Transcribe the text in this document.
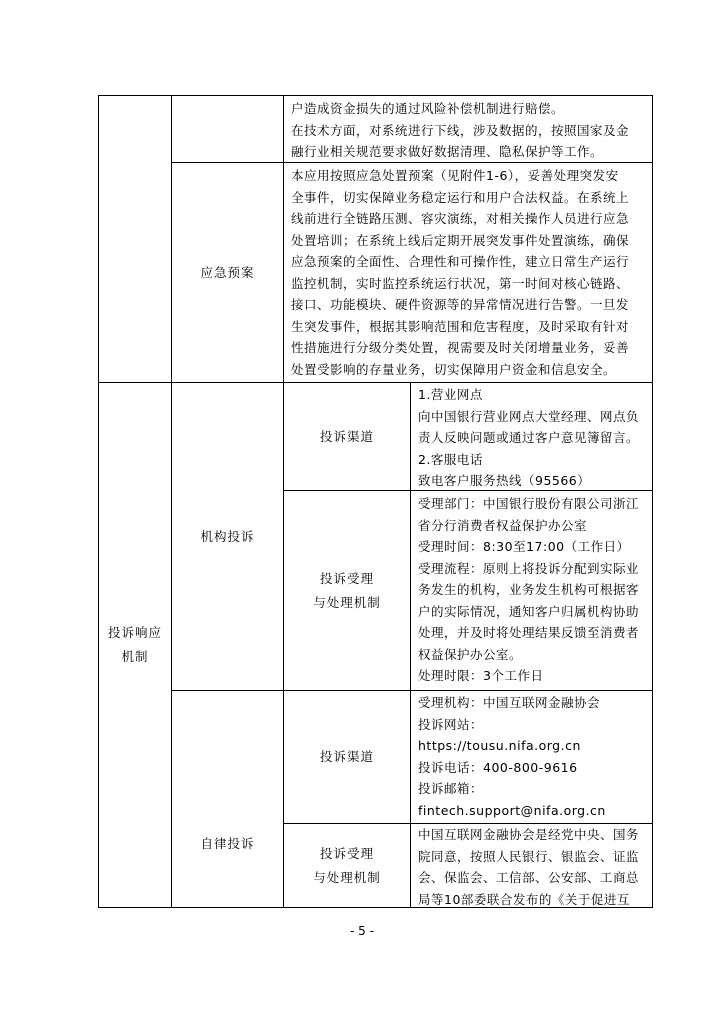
户造成资金损失的通过风险补偿机制进行赔偿。
在技术方面，对系统进行下线，涉及数据的，按照国家及金
融行业相关规范要求做好数据清理、隐私保护等工作。
应急预案
本应用按照应急处置预案（见附件1-6），妥善处理突发安
全事件，切实保障业务稳定运行和用户合法权益。在系统上
线前进行全链路压测、容灾演练，对相关操作人员进行应急
处置培训；在系统上线后定期开展突发事件处置演练，确保
应急预案的全面性、合理性和可操作性，建立日常生产运行
监控机制，实时监控系统运行状况，第一时间对核心链路、
接口、功能模块、硬件资源等的异常情况进行告警。一旦发
生突发事件，根据其影响范围和危害程度，及时采取有针对
性措施进行分级分类处置，视需要及时关闭增量业务，妥善
处置受影响的存量业务，切实保障用户资金和信息安全。
投诉响应
机制
机构投诉
投诉渠道
1.营业网点
向中国银行营业网点大堂经理、网点负
责人反映问题或通过客户意见簿留言。
2.客服电话
致电客户服务热线（95566）
投诉受理
与处理机制
受理部门：中国银行股份有限公司浙江
省分行消费者权益保护办公室
受理时间：8:30至17:00（工作日）
受理流程：原则上将投诉分配到实际业
务发生的机构，业务发生机构可根据客
户的实际情况，通知客户归属机构协助
处理，并及时将处理结果反馈至消费者
权益保护办公室。
处理时限：3个工作日
自律投诉
投诉渠道
受理机构：中国互联网金融协会
投诉网站：
https://tousu.nifa.org.cn
投诉电话：400-800-9616
投诉邮箱：
fintech.support@nifa.org.cn
投诉受理
与处理机制
中国互联网金融协会是经党中央、国务
院同意，按照人民银行、银监会、证监
会、保监会、工信部、公安部、工商总
局等10部委联合发布的《关于促进互
- 5 -
